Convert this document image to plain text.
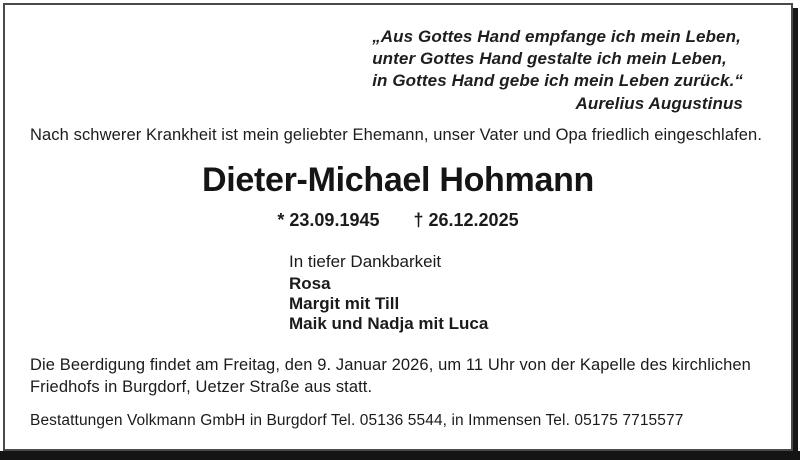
„Aus Gottes Hand empfange ich mein Leben,
unter Gottes Hand gestalte ich mein Leben,
in Gottes Hand gebe ich mein Leben zurück.“
Aurelius Augustinus
Nach schwerer Krankheit ist mein geliebter Ehemann, unser Vater und Opa friedlich eingeschlafen.
Dieter-Michael Hohmann
* 23.09.1945 † 26.12.2025
In tiefer Dankbarkeit
Rosa
Margit mit Till
Maik und Nadja mit Luca
Die Beerdigung findet am Freitag, den 9. Januar 2026, um 11 Uhr von der Kapelle des kirchlichen Friedhofs in Burgdorf, Uetzer Straße aus statt.
Bestattungen Volkmann GmbH in Burgdorf Tel. 05136 5544, in Immensen Tel. 05175 7715577
